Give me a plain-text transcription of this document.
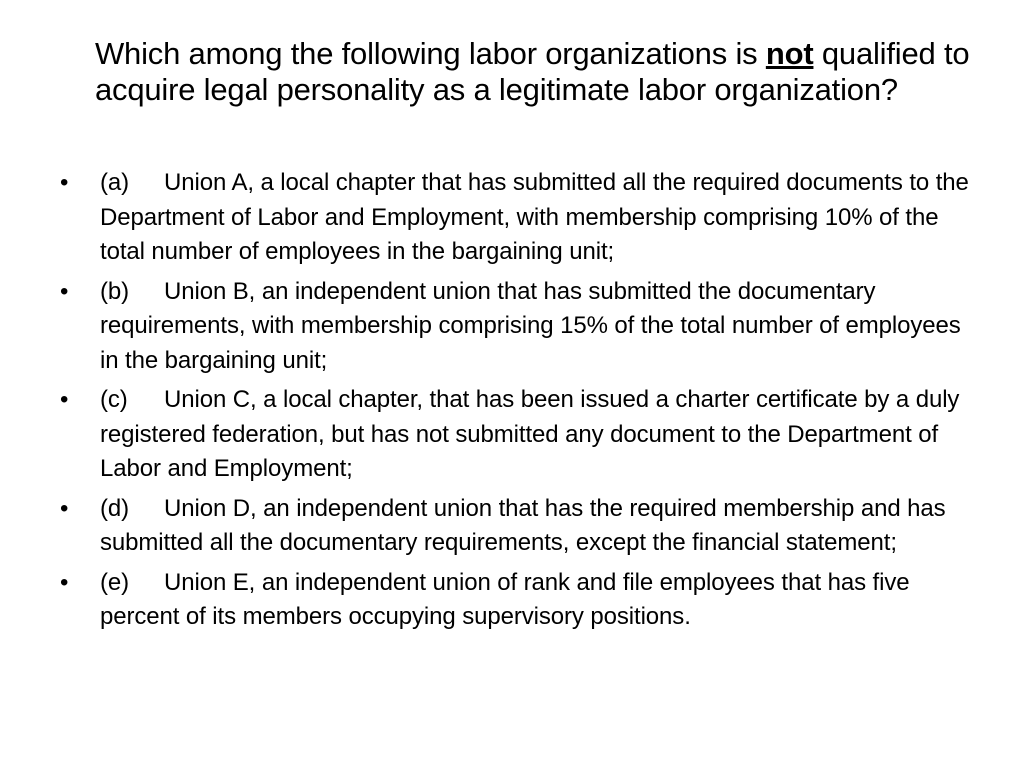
Which among the following labor organizations is not qualified to acquire legal personality as a legitimate labor organization?
•	(a) Union A, a local chapter that has submitted all the required documents to the Department of Labor and Employment, with membership comprising 10% of the total number of employees in the bargaining unit;
•	(b) Union B, an independent union that has submitted the documentary requirements, with membership comprising 15% of the total number of employees in the bargaining unit;
•	(c) Union C, a local chapter, that has been issued a charter certificate by a duly registered federation, but has not submitted any document to the Department of Labor and Employment;
•	(d) Union D, an independent union that has the required membership and has submitted all the documentary requirements, except the financial statement;
•	(e) Union E, an independent union of rank and file employees that has five percent of its members occupying supervisory positions.
